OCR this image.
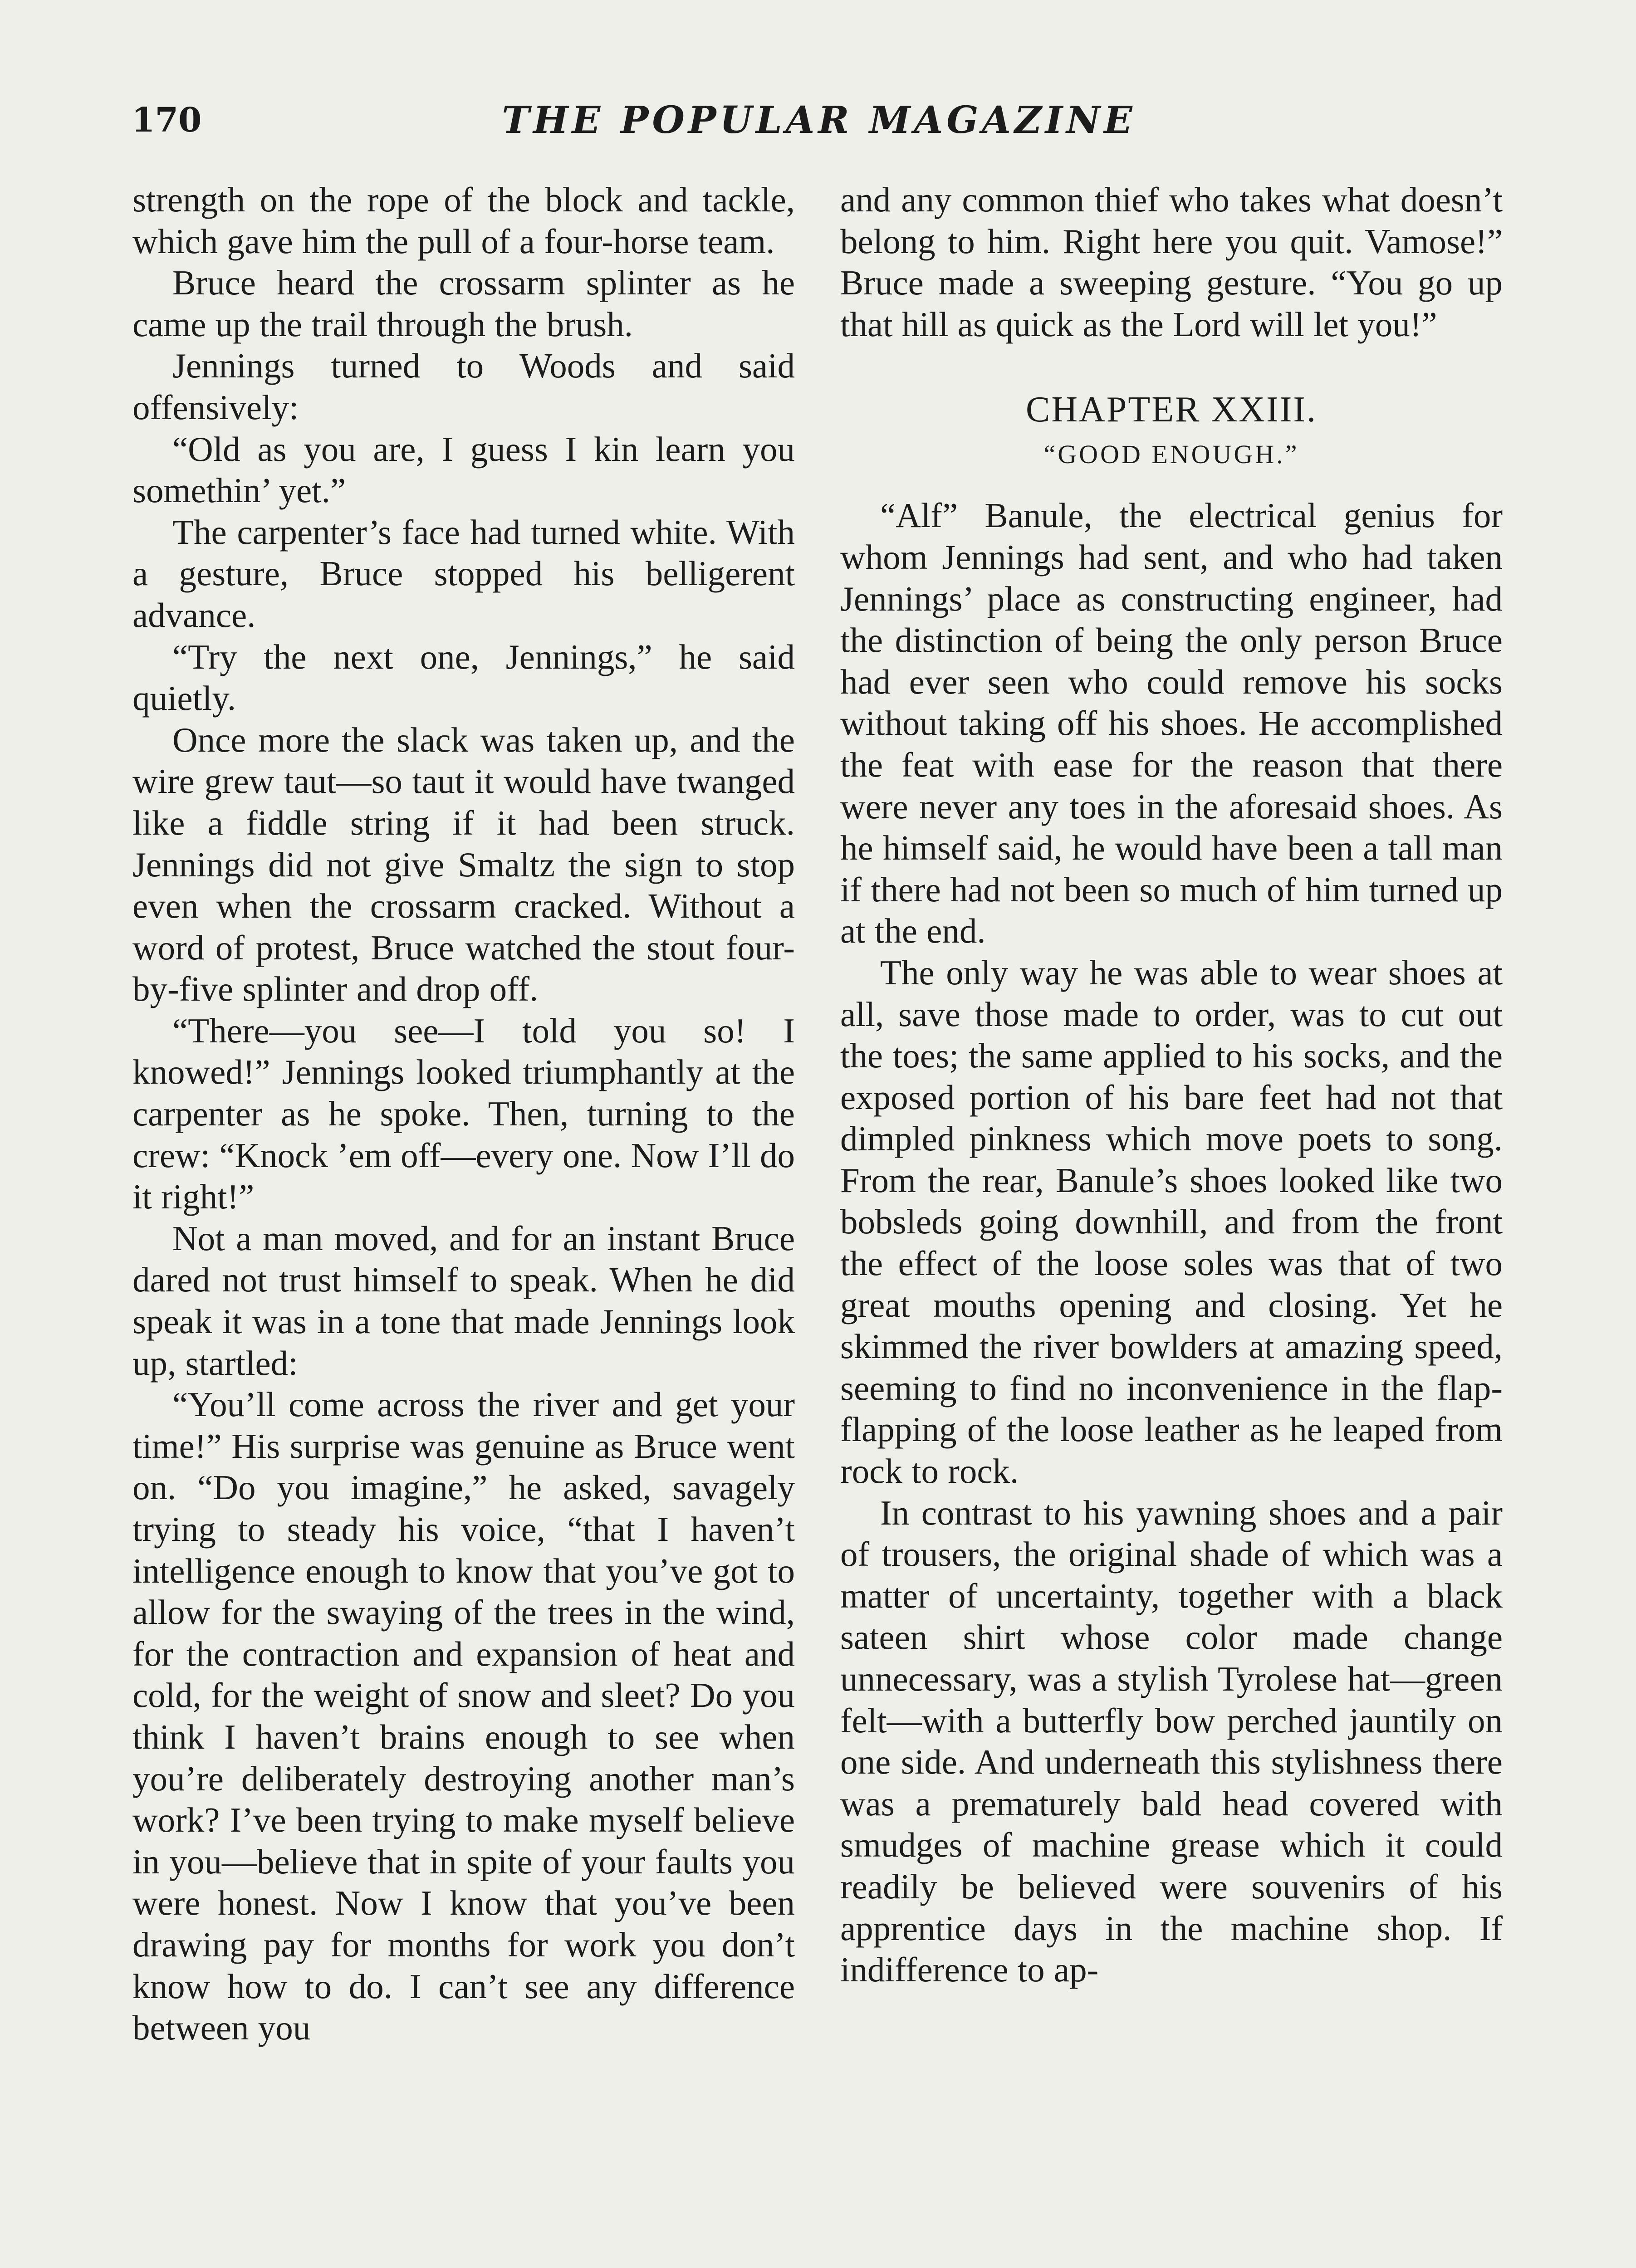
170	THE POPULAR MAGAZINE

strength on the rope of the block and tackle, which gave him the pull of a four-horse team.

Bruce heard the crossarm splinter as he came up the trail through the brush.

Jennings turned to Woods and said offensively:

“Old as you are, I guess I kin learn you somethin’ yet.”

The carpenter’s face had turned white. With a gesture, Bruce stopped his belligerent advance.

“Try the next one, Jennings,” he said quietly.

Once more the slack was taken up, and the wire grew taut—so taut it would have twanged like a fiddle string if it had been struck. Jennings did not give Smaltz the sign to stop even when the crossarm cracked. Without a word of protest, Bruce watched the stout four-by-five splinter and drop off.

“There—you see—I told you so! I knowed!” Jennings looked triumphantly at the carpenter as he spoke. Then, turning to the crew: “Knock ’em off—every one. Now I’ll do it right!”

Not a man moved, and for an instant Bruce dared not trust himself to speak. When he did speak it was in a tone that made Jennings look up, startled:

“You’ll come across the river and get your time!” His surprise was genuine as Bruce went on. “Do you imagine,” he asked, savagely trying to steady his voice, “that I haven’t intelligence enough to know that you’ve got to allow for the swaying of the trees in the wind, for the contraction and expansion of heat and cold, for the weight of snow and sleet? Do you think I haven’t brains enough to see when you’re deliberately destroying another man’s work? I’ve been trying to make myself believe in you—believe that in spite of your faults you were honest. Now I know that you’ve been drawing pay for months for work you don’t know how to do. I can’t see any difference between you

and any common thief who takes what doesn’t belong to him. Right here you quit. Vamose!” Bruce made a sweeping gesture. “You go up that hill as quick as the Lord will let you!”

CHAPTER XXIII.
“GOOD ENOUGH.”

“Alf” Banule, the electrical genius for whom Jennings had sent, and who had taken Jennings’ place as constructing engineer, had the distinction of being the only person Bruce had ever seen who could remove his socks without taking off his shoes. He accomplished the feat with ease for the reason that there were never any toes in the aforesaid shoes. As he himself said, he would have been a tall man if there had not been so much of him turned up at the end.

The only way he was able to wear shoes at all, save those made to order, was to cut out the toes; the same applied to his socks, and the exposed portion of his bare feet had not that dimpled pinkness which move poets to song. From the rear, Banule’s shoes looked like two bobsleds going downhill, and from the front the effect of the loose soles was that of two great mouths opening and closing. Yet he skimmed the river bowlders at amazing speed, seeming to find no inconvenience in the flap-flapping of the loose leather as he leaped from rock to rock.

In contrast to his yawning shoes and a pair of trousers, the original shade of which was a matter of uncertainty, together with a black sateen shirt whose color made change unnecessary, was a stylish Tyrolese hat—green felt—with a butterfly bow perched jauntily on one side. And underneath this stylishness there was a prematurely bald head covered with smudges of machine grease which it could readily be believed were souvenirs of his apprentice days in the machine shop. If indifference to ap-
